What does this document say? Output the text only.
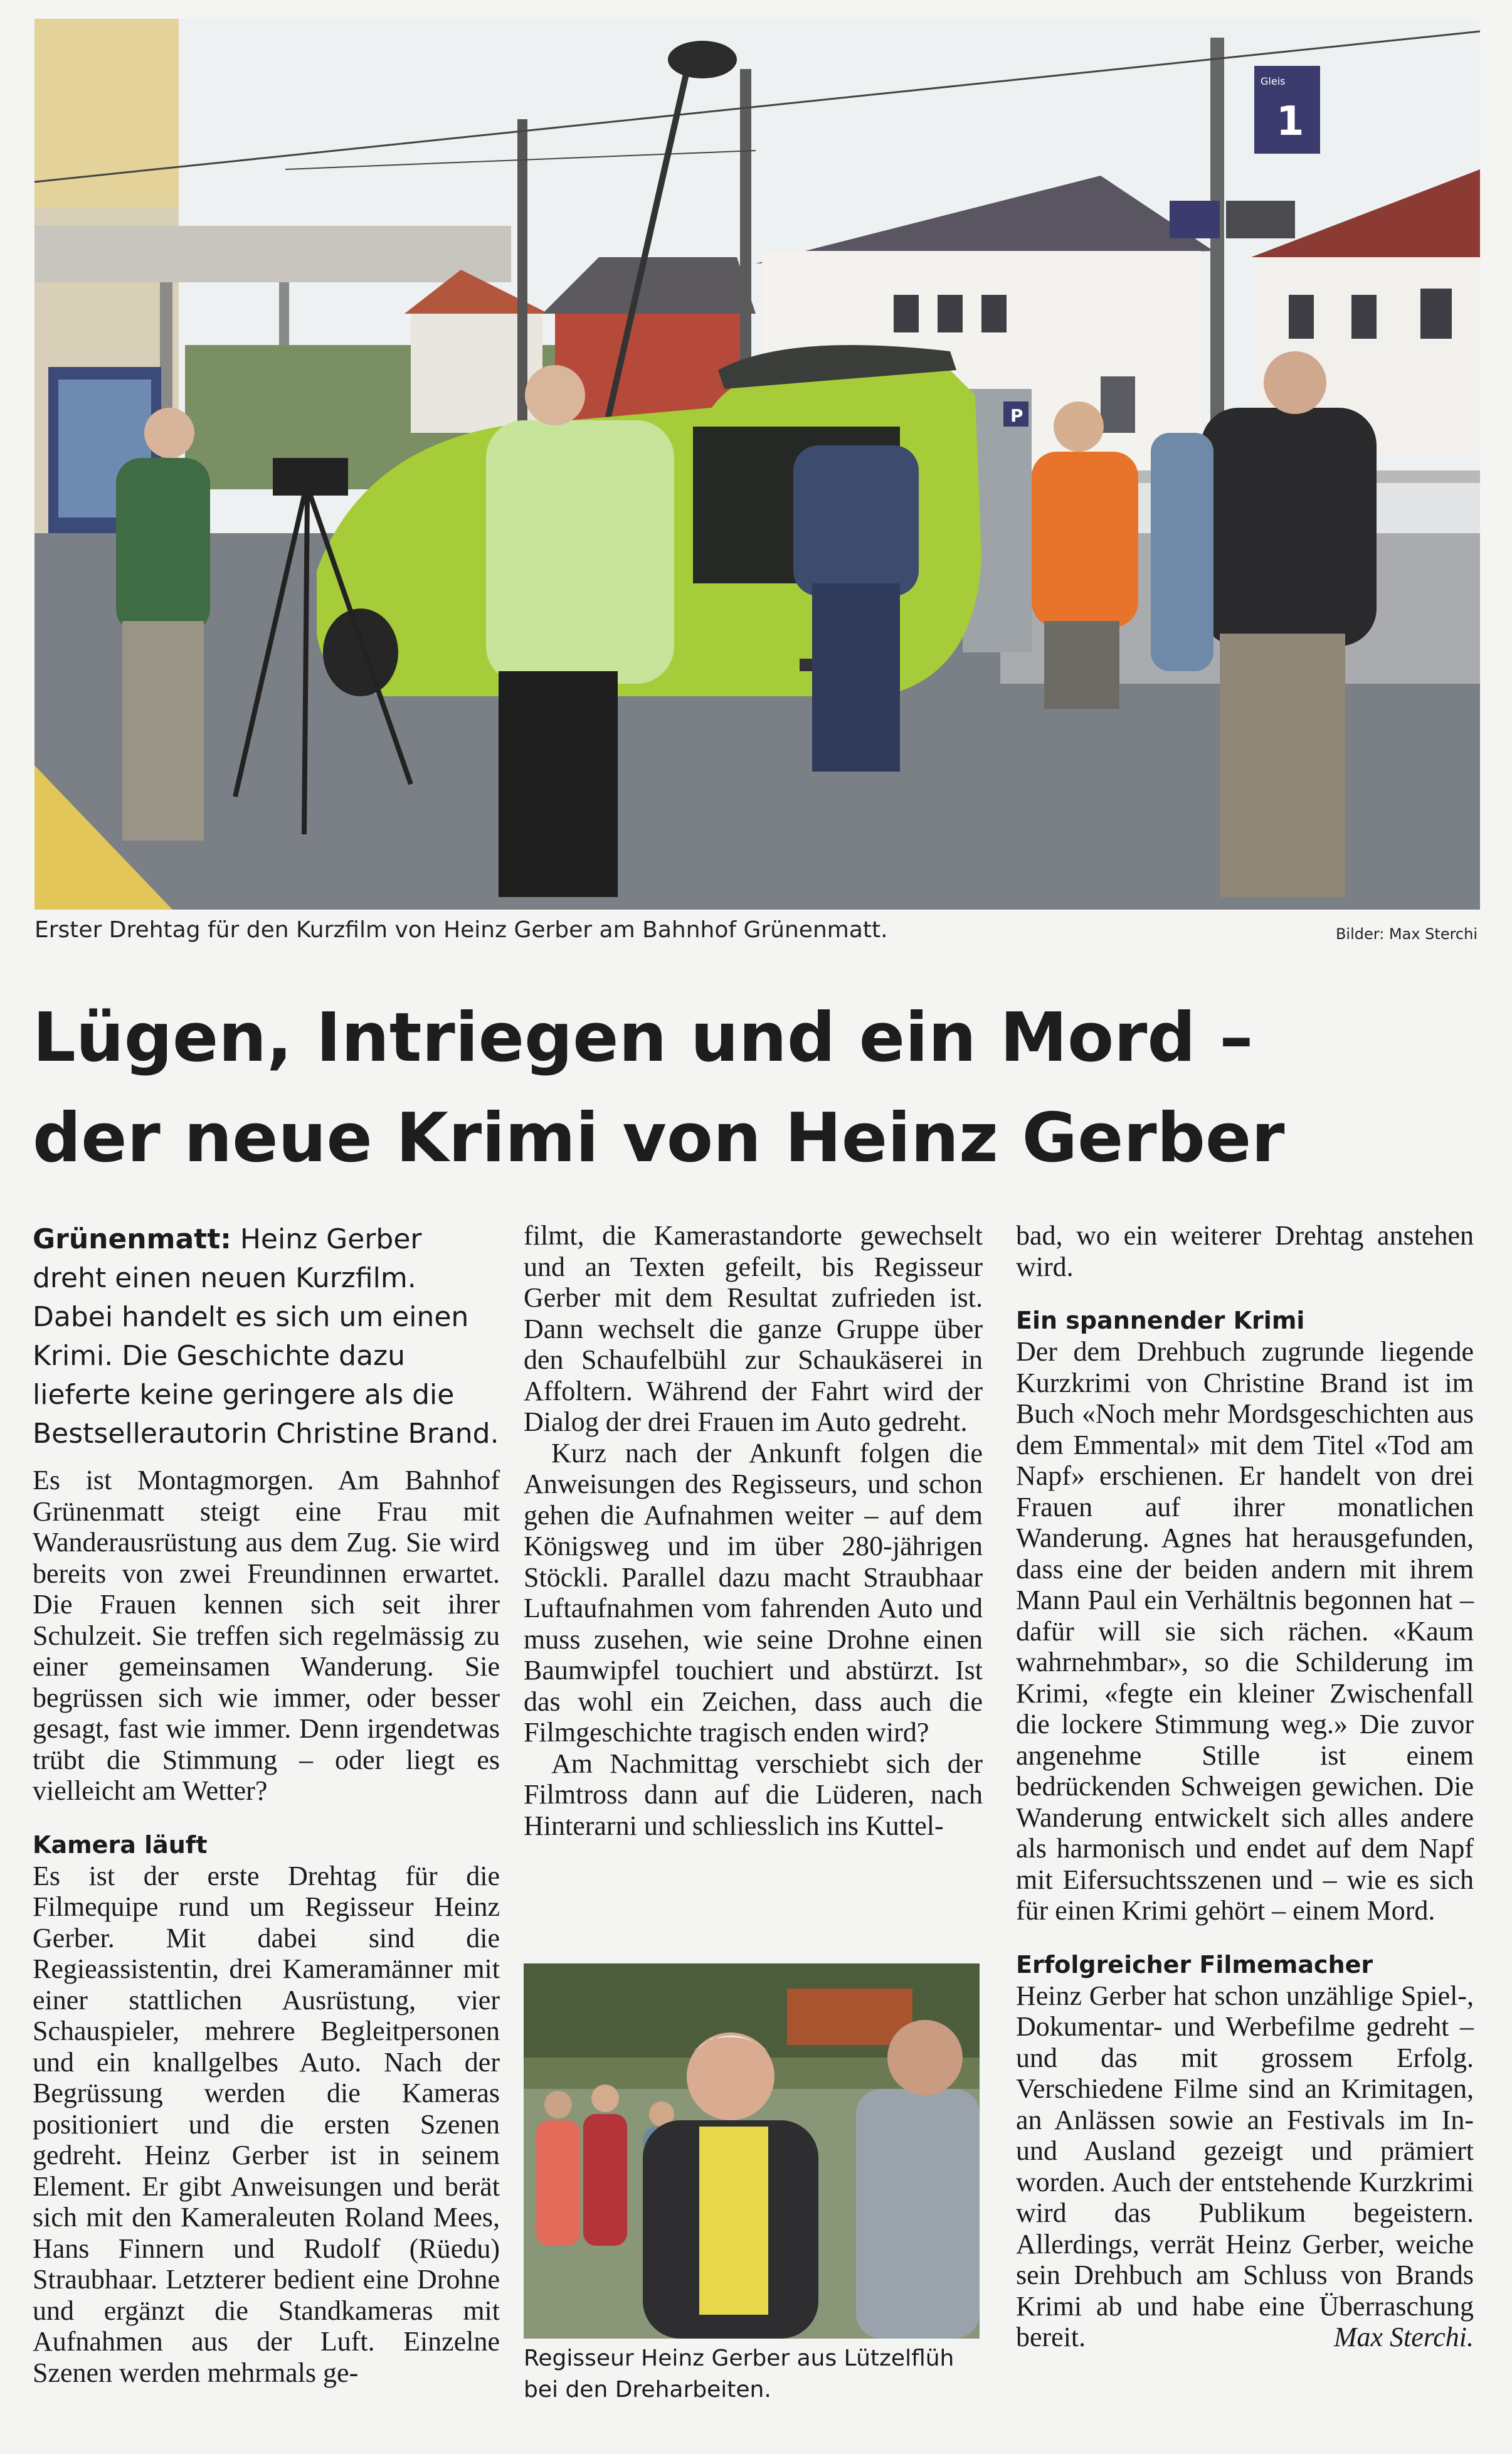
Gleis
1
P
Erster Drehtag für den Kurzfilm von Heinz Gerber am Bahnhof Grünenmatt.	Bilder: Max Sterchi
Lügen, Intriegen und ein Mord –
der neue Krimi von Heinz Gerber

Grünenmatt: Heinz Gerber dreht einen neuen Kurzfilm. Dabei handelt es sich um einen Krimi. Die Geschichte dazu lieferte keine geringere als die Bestsellerautorin Christine Brand.

Es ist Montagmorgen. Am Bahnhof Grünenmatt steigt eine Frau mit Wanderausrüstung aus dem Zug. Sie wird bereits von zwei Freundinnen erwartet. Die Frauen kennen sich seit ihrer Schulzeit. Sie treffen sich regelmässig zu einer gemeinsamen Wanderung. Sie begrüssen sich wie immer, oder besser gesagt, fast wie immer. Denn irgendetwas trübt die Stimmung – oder liegt es vielleicht am Wetter?

Kamera läuft

Es ist der erste Drehtag für die Filmequipe rund um Regisseur Heinz Gerber. Mit dabei sind die Regieassistentin, drei Kameramänner mit einer stattlichen Ausrüstung, vier Schauspieler, mehrere Begleitpersonen und ein knallgelbes Auto. Nach der Begrüssung werden die Kameras positioniert und die ersten Szenen gedreht. Heinz Gerber ist in seinem Element. Er gibt Anweisungen und berät sich mit den Kameraleuten Roland Mees, Hans Finnern und Rudolf (Rüedu) Straubhaar. Letzterer bedient eine Drohne und ergänzt die Standkameras mit Aufnahmen aus der Luft. Einzelne Szenen werden mehrmals ge-

filmt, die Kamerastandorte gewechselt und an Texten gefeilt, bis Regisseur Gerber mit dem Resultat zufrieden ist. Dann wechselt die ganze Gruppe über den Schaufelbühl zur Schaukäserei in Affoltern. Während der Fahrt wird der Dialog der drei Frauen im Auto gedreht.

Kurz nach der Ankunft folgen die Anweisungen des Regisseurs, und schon gehen die Aufnahmen weiter – auf dem Königsweg und im über 280-jährigen Stöckli. Parallel dazu macht Straubhaar Luftaufnahmen vom fahrenden Auto und muss zusehen, wie seine Drohne einen Baumwipfel touchiert und abstürzt. Ist das wohl ein Zeichen, dass auch die Filmgeschichte tragisch enden wird?

Am Nachmittag verschiebt sich der Filmtross dann auf die Lüderen, nach Hinterarni und schliesslich ins Kuttel-

Regisseur Heinz Gerber aus Lützelflüh bei den Dreharbeiten.

bad, wo ein weiterer Drehtag anstehen wird.

Ein spannender Krimi

Der dem Drehbuch zugrunde liegende Kurzkrimi von Christine Brand ist im Buch «Noch mehr Mordsgeschichten aus dem Emmental» mit dem Titel «Tod am Napf» erschienen. Er handelt von drei Frauen auf ihrer monatlichen Wanderung. Agnes hat herausgefunden, dass eine der beiden andern mit ihrem Mann Paul ein Verhältnis begonnen hat – dafür will sie sich rächen. «Kaum wahrnehmbar», so die Schilderung im Krimi, «fegte ein kleiner Zwischenfall die lockere Stimmung weg.» Die zuvor angenehme Stille ist einem bedrückenden Schweigen gewichen. Die Wanderung entwickelt sich alles andere als harmonisch und endet auf dem Napf mit Eifersuchtsszenen und – wie es sich für einen Krimi gehört – einem Mord.

Erfolgreicher Filmemacher

Heinz Gerber hat schon unzählige Spiel-, Dokumentar- und Werbefilme gedreht – und das mit grossem Erfolg. Verschiedene Filme sind an Krimitagen, an Anlässen sowie an Festivals im In- und Ausland gezeigt und prämiert worden. Auch der entstehende Kurzkrimi wird das Publikum begeistern. Allerdings, verrät Heinz Gerber, weiche sein Drehbuch am Schluss von Brands Krimi ab und habe eine Überraschung bereit.	Max Sterchi.
